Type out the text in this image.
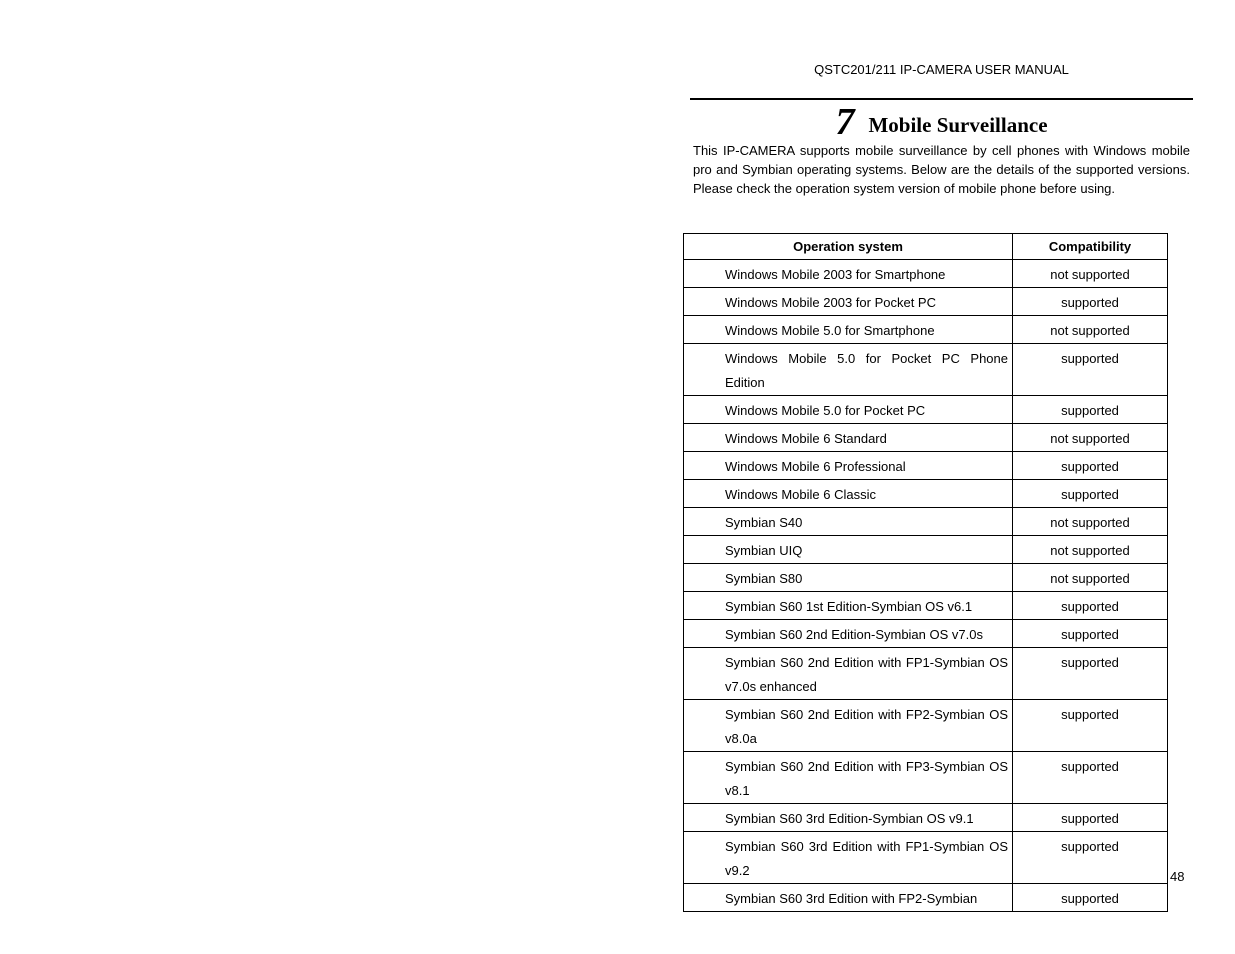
QSTC201/211 IP-CAMERA USER MANUAL
7 Mobile Surveillance

This IP-CAMERA supports mobile surveillance by cell phones with Windows mobile pro and Symbian operating systems. Below are the details of the supported versions. Please check the operation system version of mobile phone before using.

Operation system	Compatibility
Windows Mobile 2003 for Smartphone	not supported
Windows Mobile 2003 for Pocket PC	supported
Windows Mobile 5.0 for Smartphone	not supported
Windows Mobile 5.0 for Pocket PC Phone Edition	supported
Windows Mobile 5.0 for Pocket PC	supported
Windows Mobile 6 Standard	not supported
Windows Mobile 6 Professional	supported
Windows Mobile 6 Classic	supported
Symbian S40	not supported
Symbian UIQ	not supported
Symbian S80	not supported
Symbian S60 1st Edition-Symbian OS v6.1	supported
Symbian S60 2nd Edition-Symbian OS v7.0s	supported
Symbian S60 2nd Edition with FP1-Symbian OS v7.0s enhanced	supported
Symbian S60 2nd Edition with FP2-Symbian OS v8.0a	supported
Symbian S60 2nd Edition with FP3-Symbian OS v8.1	supported
Symbian S60 3rd Edition-Symbian OS v9.1	supported
Symbian S60 3rd Edition with FP1-Symbian OS v9.2	supported
Symbian S60 3rd Edition with FP2-Symbian	supported
48
